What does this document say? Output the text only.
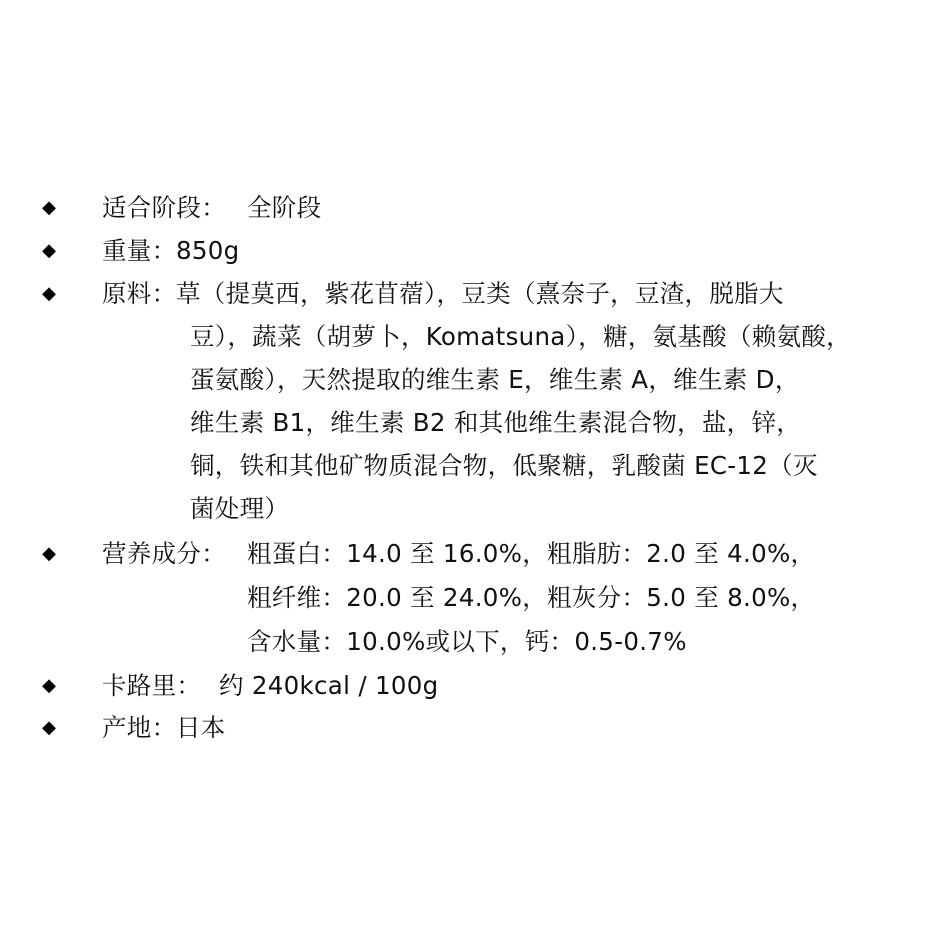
◆ 适合阶段： 全阶段
◆ 重量： 850g
◆ 原料： 草（提莫西，紫花苜蓿），豆类（熹奈子，豆渣，脱脂大
豆），蔬菜（胡萝卜，Komatsuna），糖，氨基酸（赖氨酸，
蛋氨酸），天然提取的维生素 E，维生素 A，维生素 D，
维生素 B1，维生素 B2 和其他维生素混合物，盐，锌，
铜，铁和其他矿物质混合物，低聚糖，乳酸菌 EC-12（灭
菌处理）
◆ 营养成分： 粗蛋白：14.0 至 16.0%，粗脂肪：2.0 至 4.0%，
粗纤维：20.0 至 24.0%，粗灰分：5.0 至 8.0%，
含水量：10.0%或以下，钙：0.5-0.7%
◆ 卡路里： 约 240kcal / 100g
◆ 产地： 日本
